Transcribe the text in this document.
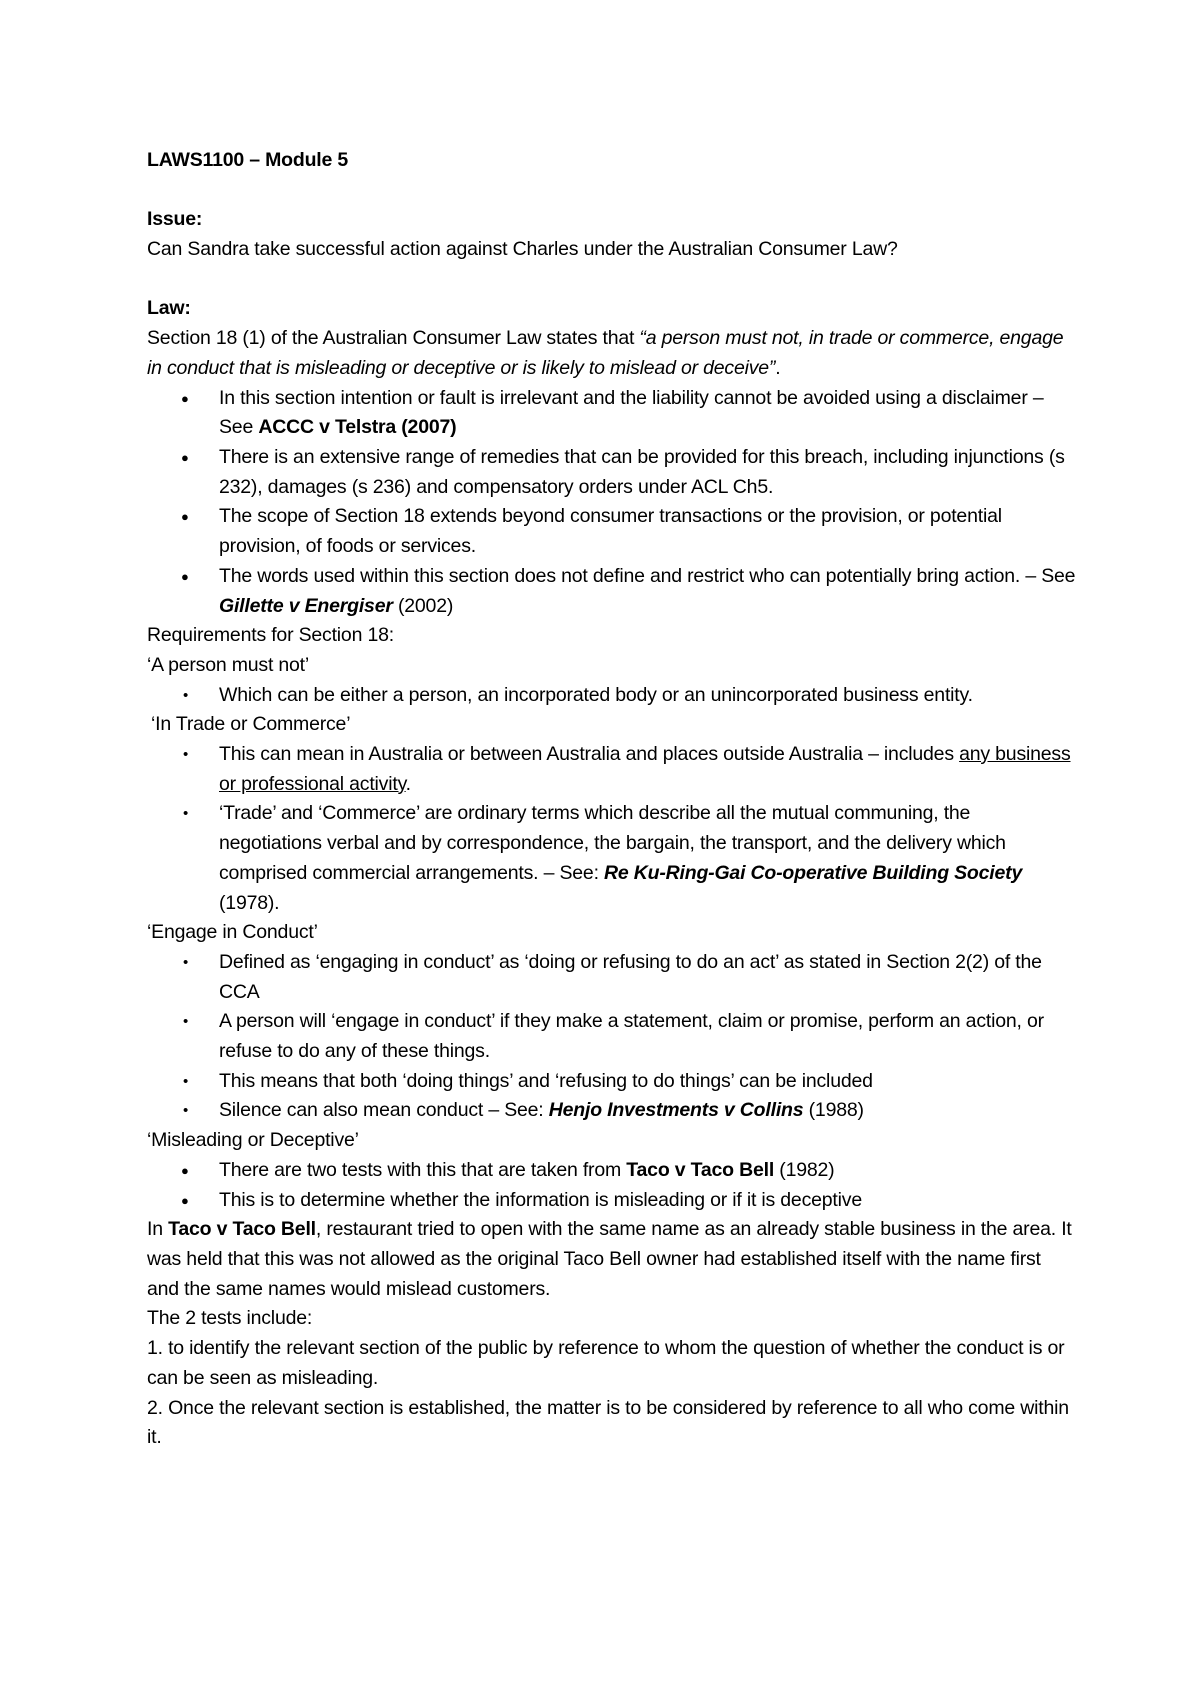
LAWS1100 – Module 5

Issue:

Can Sandra take successful action against Charles under the Australian Consumer Law?

Law:

Section 18 (1) of the Australian Consumer Law states that “a person must not, in trade or commerce, engage in conduct that is misleading or deceptive or is likely to mislead or deceive”.

● In this section intention or fault is irrelevant and the liability cannot be avoided using a disclaimer – See ACCC v Telstra (2007)
● There is an extensive range of remedies that can be provided for this breach, including injunctions (s 232), damages (s 236) and compensatory orders under ACL Ch5.
● The scope of Section 18 extends beyond consumer transactions or the provision, or potential provision, of foods or services.
● The words used within this section does not define and restrict who can potentially bring action. – See Gillette v Energiser (2002)

Requirements for Section 18:

‘A person must not’

• Which can be either a person, an incorporated body or an unincorporated business entity.

‘In Trade or Commerce’

• This can mean in Australia or between Australia and places outside Australia – includes any business or professional activity.
• ‘Trade’ and ‘Commerce’ are ordinary terms which describe all the mutual communing, the negotiations verbal and by correspondence, the bargain, the transport, and the delivery which comprised commercial arrangements. – See: Re Ku-Ring-Gai Co-operative Building Society (1978).

‘Engage in Conduct’

• Defined as ‘engaging in conduct’ as ‘doing or refusing to do an act’ as stated in Section 2(2) of the CCA
• A person will ‘engage in conduct’ if they make a statement, claim or promise, perform an action, or refuse to do any of these things.
• This means that both ‘doing things’ and ‘refusing to do things’ can be included
• Silence can also mean conduct – See: Henjo Investments v Collins (1988)

‘Misleading or Deceptive’

● There are two tests with this that are taken from Taco v Taco Bell (1982)
● This is to determine whether the information is misleading or if it is deceptive

In Taco v Taco Bell, restaurant tried to open with the same name as an already stable business in the area. It was held that this was not allowed as the original Taco Bell owner had established itself with the name first and the same names would mislead customers.

The 2 tests include:

1. to identify the relevant section of the public by reference to whom the question of whether the conduct is or can be seen as misleading.

2. Once the relevant section is established, the matter is to be considered by reference to all who come within it.
